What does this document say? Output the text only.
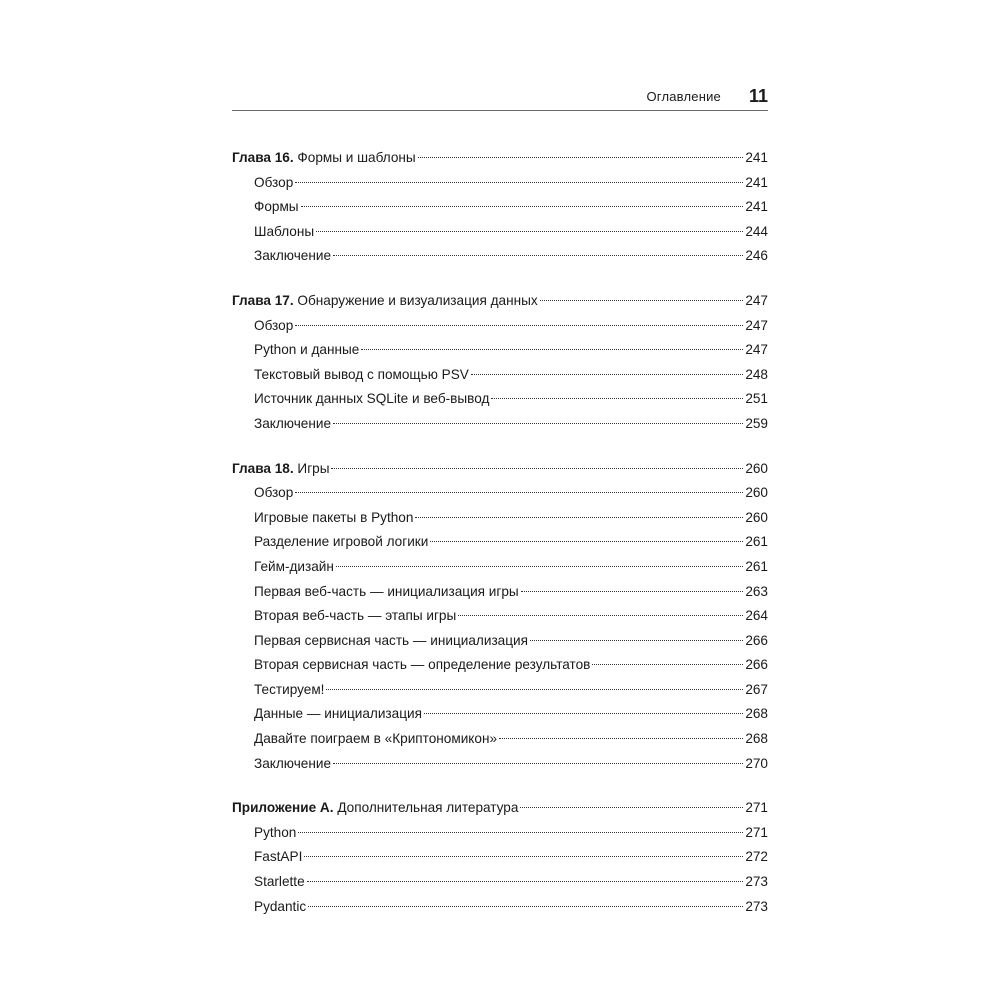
Оглавление 11
Глава 16. Формы и шаблоны	241
Обзор	241
Формы	241
Шаблоны	244
Заключение	246
Глава 17. Обнаружение и визуализация данных	247
Обзор	247
Python и данные	247
Текстовый вывод с помощью PSV	248
Источник данных SQLite и веб-вывод	251
Заключение	259
Глава 18. Игры	260
Обзор	260
Игровые пакеты в Python	260
Разделение игровой логики	261
Гейм-дизайн	261
Первая веб-часть — инициализация игры	263
Вторая веб-часть — этапы игры	264
Первая сервисная часть — инициализация	266
Вторая сервисная часть — определение результатов	266
Тестируем!	267
Данные — инициализация	268
Давайте поиграем в «Криптономикон»	268
Заключение	270
Приложение А. Дополнительная литература	271
Python	271
FastAPI	272
Starlette	273
Pydantic	273
